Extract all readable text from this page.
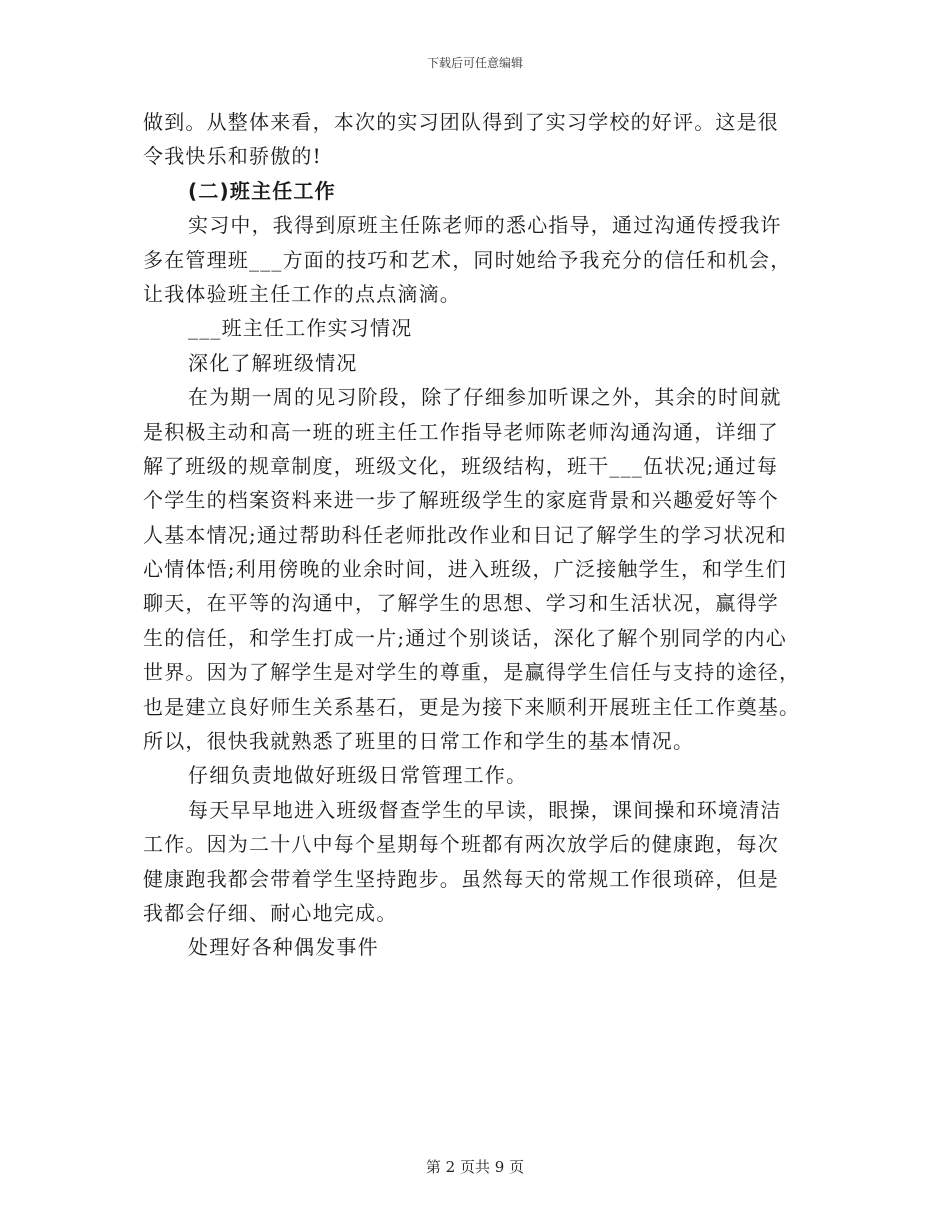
下载后可任意编辑
做到。从整体来看，本次的实习团队得到了实习学校的好评。这是很
令我快乐和骄傲的!
(二)班主任工作
实习中，我得到原班主任陈老师的悉心指导，通过沟通传授我许
多在管理班___方面的技巧和艺术，同时她给予我充分的信任和机会，
让我体验班主任工作的点点滴滴。
___班主任工作实习情况
深化了解班级情况
在为期一周的见习阶段，除了仔细参加听课之外，其余的时间就
是积极主动和高一班的班主任工作指导老师陈老师沟通沟通，详细了
解了班级的规章制度，班级文化，班级结构，班干___伍状况;通过每
个学生的档案资料来进一步了解班级学生的家庭背景和兴趣爱好等个
人基本情况;通过帮助科任老师批改作业和日记了解学生的学习状况和
心情体悟;利用傍晚的业余时间，进入班级，广泛接触学生，和学生们
聊天，在平等的沟通中，了解学生的思想、学习和生活状况，赢得学
生的信任，和学生打成一片;通过个别谈话，深化了解个别同学的内心
世界。因为了解学生是对学生的尊重，是赢得学生信任与支持的途径，
也是建立良好师生关系基石，更是为接下来顺利开展班主任工作奠基。
所以，很快我就熟悉了班里的日常工作和学生的基本情况。
仔细负责地做好班级日常管理工作。
每天早早地进入班级督查学生的早读，眼操，课间操和环境清洁
工作。因为二十八中每个星期每个班都有两次放学后的健康跑，每次
健康跑我都会带着学生坚持跑步。虽然每天的常规工作很琐碎，但是
我都会仔细、耐心地完成。
处理好各种偶发事件
第 2 页共 9 页
